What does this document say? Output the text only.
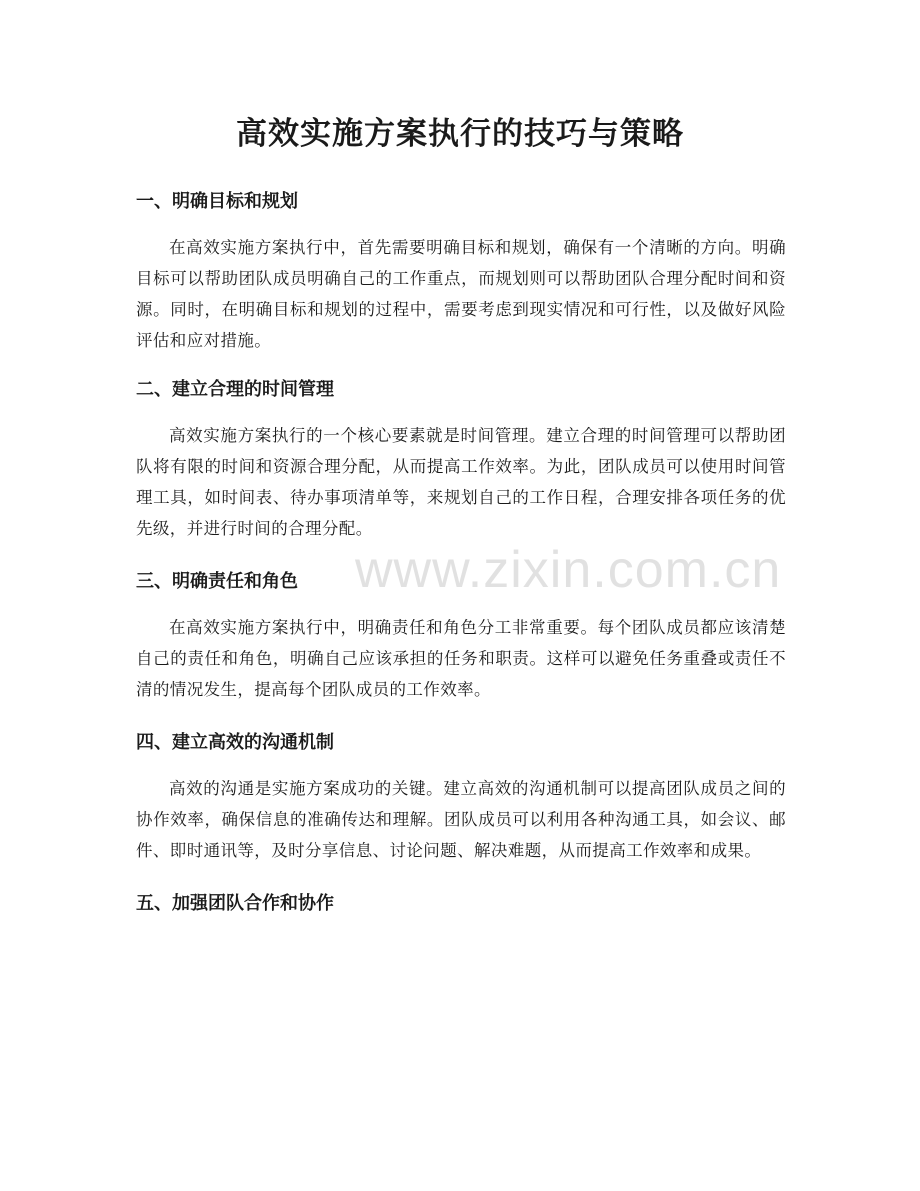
高效实施方案执行的技巧与策略
一、明确目标和规划

在高效实施方案执行中，首先需要明确目标和规划，确保有一个清晰的方向。明确目标可以帮助团队成员明确自己的工作重点，而规划则可以帮助团队合理分配时间和资源。同时，在明确目标和规划的过程中，需要考虑到现实情况和可行性，以及做好风险评估和应对措施。

二、建立合理的时间管理

高效实施方案执行的一个核心要素就是时间管理。建立合理的时间管理可以帮助团队将有限的时间和资源合理分配，从而提高工作效率。为此，团队成员可以使用时间管理工具，如时间表、待办事项清单等，来规划自己的工作日程，合理安排各项任务的优先级，并进行时间的合理分配。

三、明确责任和角色

在高效实施方案执行中，明确责任和角色分工非常重要。每个团队成员都应该清楚自己的责任和角色，明确自己应该承担的任务和职责。这样可以避免任务重叠或责任不清的情况发生，提高每个团队成员的工作效率。

四、建立高效的沟通机制

高效的沟通是实施方案成功的关键。建立高效的沟通机制可以提高团队成员之间的协作效率，确保信息的准确传达和理解。团队成员可以利用各种沟通工具，如会议、邮件、即时通讯等，及时分享信息、讨论问题、解决难题，从而提高工作效率和成果。

五、加强团队合作和协作
www.zixin.com.cn
